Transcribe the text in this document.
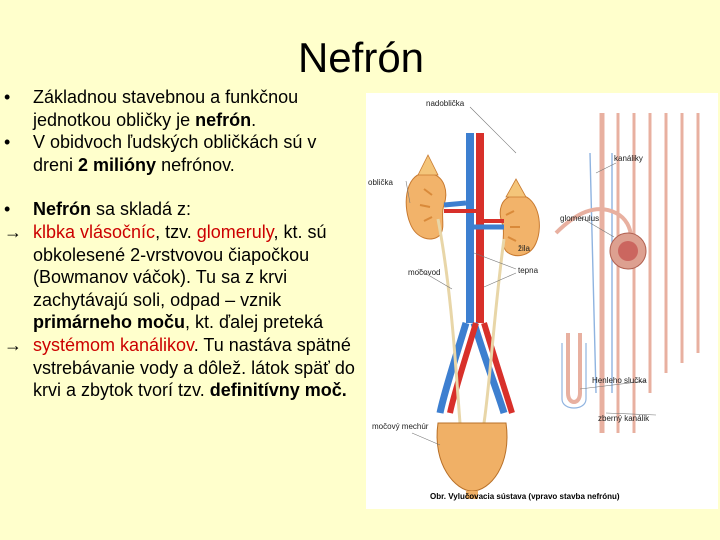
Nefrón
• Základnou stavebnou a funkčnou jednotkou obličky je nefrón.
• V obidvoch ľudských obličkách sú v dreni 2 milióny nefrónov.
• Nefrón sa skladá z:
→ klbka vlásočníc, tzv. glomeruly, kt. sú obkolesené 2-vrstvovou čiapočkou (Bowmanov váčok). Tu sa z krvi zachytávajú soli, odpad – vznik primárneho moču, kt. ďalej preteká
→ systémom kanálikov. Tu nastáva spätné vstrebávanie vody a dôlež. látok späť do krvi a zbytok tvorí tzv. definitívny moč.
nadoblička
oblička
močovod
žila
tepna
glomerulus
kanáliky
Henleho slučka
zberný kanálik
močový mechúr
Obr. Vylučovacia sústava (vpravo stavba nefrónu)
